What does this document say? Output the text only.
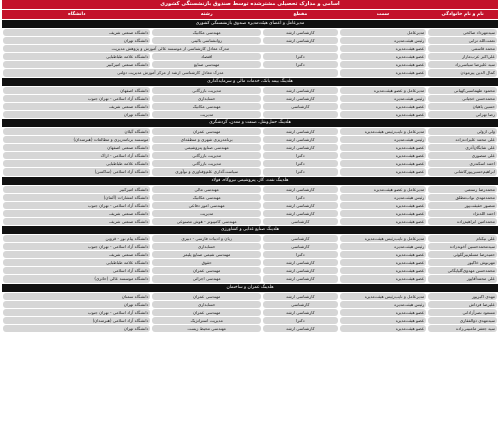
اسامی و مدارک تحصیلی مشترشده توسط صندوق بازنشستگی کشوری
نام و نام خانوادگی
سمت
مقطع
رشته
دانشگاه
مدیرعامل و اعضای هیئت‌مدیره صندوق بازنشستگی کشوری
سیدمهرداد صالحی
مدیرعامل
کارشناسی ارشد
مهندسی مکانیک
دانشگاه صنعتی شریف
نعمت‌الله ترابی
رئیس هیئت‌مدیره
کارشناسی ارشد
روانشناسی بالینی
دانشگاه تهران
محمد قاسمی
عضو هیئت‌مدیره
مدرک معادل کارشناسی از موسسه عالی آموزش و پژوهش مدیریت
علی‌اکبر عرب‌مازار
عضو هیئت‌مدیره
دکترا
اقتصاد
دانشگاه علامه طباطبایی
سید علیرضا سیاسی‌راد
عضو هیئت‌مدیره
دکترا
مهندسی صنایع
دانشگاه صنعتی امیرکبیر
کمال الدین پیرموذن
عضو هیئت‌مدیره
مدرک معادل کارشناسی ارشد از مرکز آموزش مدیریت دولتی
هلدینگ بیمه بانک، خدمات مالی و سرمایه‌گذاری
محمود طهماسبی‌کهیانی
مدیرعامل و عضو هیئت‌مدیره
کارشناسی ارشد
مدیریت بازرگانی
دانشگاه اصفهان
محمدحسن خجیانی
رئیس هیئت‌مدیره
کارشناسی ارشد
حسابداری
دانشگاه آزاد اسلامی - تهران جنوب
حسین یاهیان
عضو هیئت‌مدیره
کارشناسی
مهندسی مکانیک
دانشگاه صنعتی شریف
رضا تهرانی
عضو هیئت‌مدیره
مدیریت
دانشگاه تهران
هلدینگ حمل‌ونقل، صنعت و معدن، گردشگری
ولی اژولی
مدیرعامل و نایب‌رئیس هیئت‌مدیره
کارشناسی ارشد
مهندسی عمران
دانشگاه گیلان
علی محمد علیزاده‌زاده
رئیس هیئت‌مدیره
کارشناسی ارشد
برنامه‌ریزی شهری و منطقه‌ای
موسسه برنامه‌ریزی و مطالعات (هنرمندان)
علی شایگان‌آذری
عضو هیئت‌مدیره
کارشناسی ارشد
مهندسی صنایع پتروشیمی
دانشگاه صنعتی اصفهان
علی منصوری
عضو هیئت‌مدیره
دکترا
مدیریت بازرگانی
دانشگاه آزاد اسلامی - اراک
احمد اسکندری
عضو هیئت‌مدیره
دکترا
مدیریت بازرگانی
دانشگاه علامه طباطبایی
ابراهیم‌حسین‌پور‌کاشانی
عضو هیئت‌مدیره
دکترا
سیاست‌گذاری علم‌وفناوری و نوآوری
دانشگاه آزاد اسلامی (ساکسن)
هلدینگ نفت، گاز، پتروشیمی نیروگاه، فولاد
محمدرضا رستمی
مدیرعامل و عضو هیئت‌مدیره
کارشناسی ارشد
مهندسی مالی
دانشگاه امیرکبیر
محمدمهدی نواب‌مطلق
رئیس هیئت‌مدیره
دکترا
مهندسی مکانیک
دانشگاه انتشارات (آلمان)
منصور حقیقت‌پور
عضو هیئت‌مدیره
کارشناسی ارشد
مهندسی امور دفاعی
دانشگاه آزاد اسلامی - تهران جنوب
احمد الله‌نژاد
عضو هیئت‌مدیره
کارشناسی ارشد
مدیریت
دانشگاه صنعتی شریف
محمدامین ابراهیم‌زاده
عضو هیئت‌مدیره
کارشناسی
مهندسی کامپیوتر - هوش مصنوعی
دانشگاه صنعتی شریف
هلدینگ صنایع غذایی و کشاورزی
علی نیکنام
مدیرعامل و نایب‌رئیس هیئت‌مدیره
کارشناسی
زبان و ادبیات فارسی - دبیری
دانشگاه پیام نور - قزوین
سیدمحمدحسین آخوندزاده
رئیس هیئت‌مدیره
کارشناسی
حسابداری
دانشگاه آزاد اسلامی - تهران جنوب
حمیدرضا مسلم‌بیرگلوئی
عضو هیئت‌مدیره
دکترا
مهندسی شیمی صنایع پلیمر
دانشگاه صنعتی شریف
مهرنوش خاکپور
عضو هیئت‌مدیره
کارشناسی ارشد
حقوق
دانشگاه علامه طباطبایی
محمدحسن مهدوی‌گلپایگانی
عضو هیئت‌مدیره
کارشناسی ارشد
مهندسی عمران
دانشگاه آزاد اسلامی
علی محمدآقاپور
عضو هیئت‌مدیره
کارشناسی ارشد
مهندسی اجرائی
دانشگاه موسسه عالی (حائری)
هلدینگ عمران و ساختمان
مهدی اکبرپور
مدیرعامل و نایب‌رئیس هیئت‌مدیره
کارشناسی ارشد
مهندسی عمران
دانشگاه سمنان
علیرضا فرداش
رئیس هیئت‌مدیره
کارشناسی
حسابداری
دانشگاه تهران
مسعود نصرآزادانی
عضو هیئت‌مدیره
کارشناسی ارشد
مهندسی عمران
دانشگاه آزاد اسلامی - تهران جنوب
سیدمهدی ذوالفقاری
عضو هیئت‌مدیره
دکترا
مدیریت استراتژیک
دانشگاه آزاد اسلامی (هنرمندان)
سید جعفر مامبینی‌زاده
عضو هیئت‌مدیره
کارشناسی ارشد
مهندسی محیط زیست
دانشگاه تهران
